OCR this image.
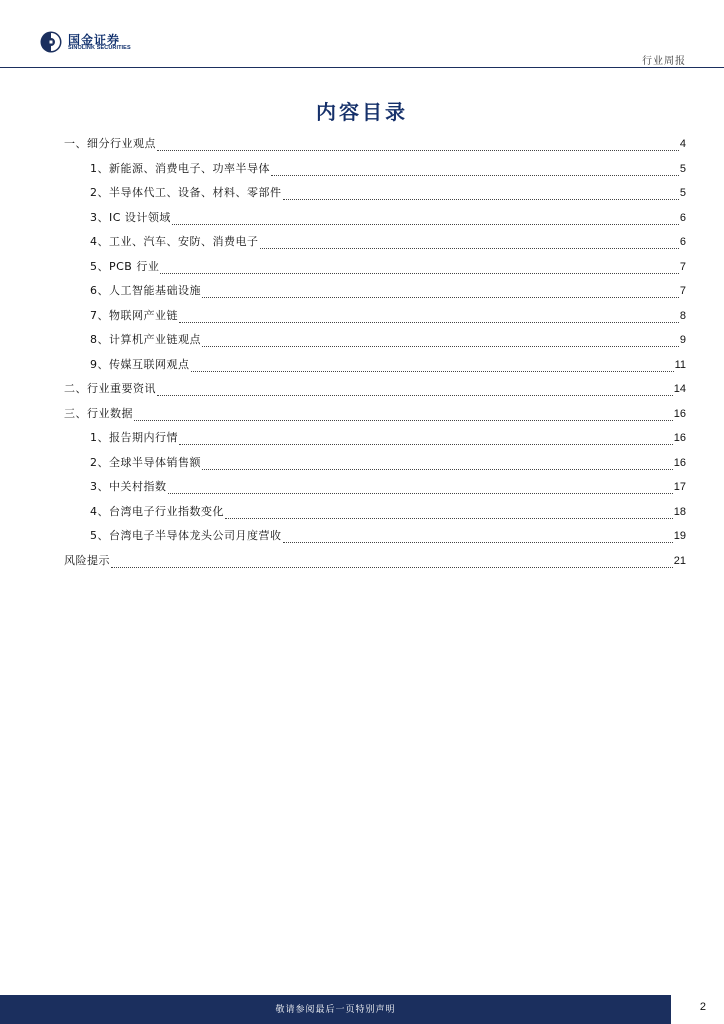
国金证券
SINOLINK SECURITIES
行业周报
内容目录
一、细分行业观点	4
1、新能源、消费电子、功率半导体	5
2、半导体代工、设备、材料、零部件	5
3、IC 设计领域	6
4、工业、汽车、安防、消费电子	6
5、PCB 行业	7
6、人工智能基础设施	7
7、物联网产业链	8
8、计算机产业链观点	9
9、传媒互联网观点	11
二、行业重要资讯	14
三、行业数据	16
1、报告期内行情	16
2、全球半导体销售额	16
3、中关村指数	17
4、台湾电子行业指数变化	18
5、台湾电子半导体龙头公司月度营收	19
风险提示	21
敬请参阅最后一页特别声明	2
